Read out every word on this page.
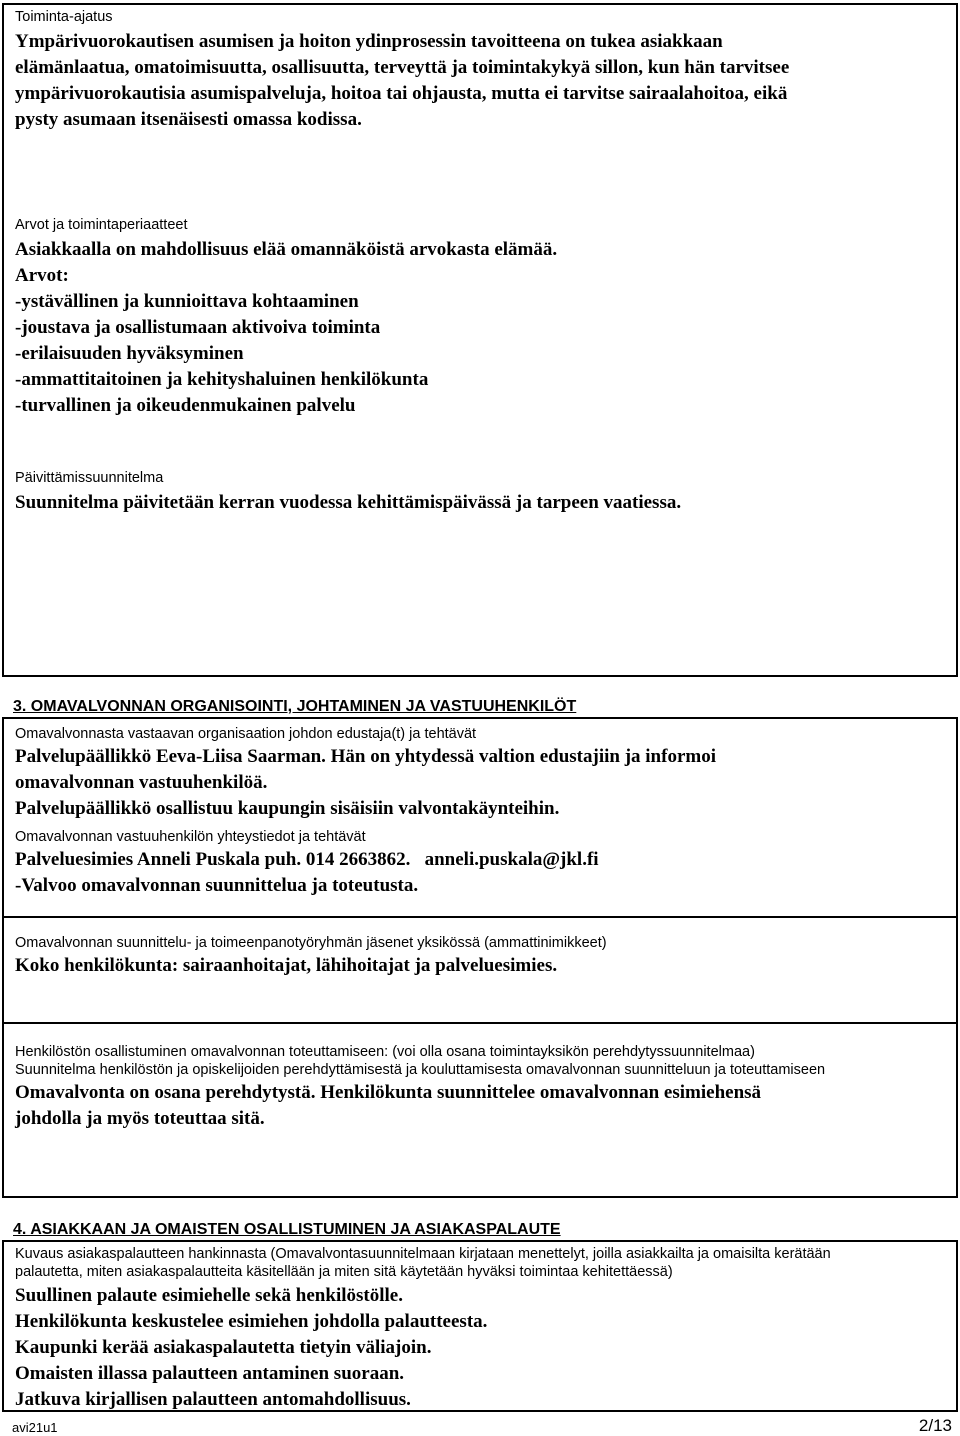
Toiminta-ajatus
Ympärivuorokautisen asumisen ja hoiton ydinprosessin tavoitteena on tukea asiakkaan
elämänlaatua, omatoimisuutta, osallisuutta, terveyttä ja toimintakykyä sillon, kun hän tarvitsee
ympärivuorokautisia asumispalveluja, hoitoa tai ohjausta, mutta ei tarvitse sairaalahoitoa, eikä
pysty asumaan itsenäisesti omassa kodissa.
Arvot ja toimintaperiaatteet
Asiakkaalla on mahdollisuus elää omannäköistä arvokasta elämää.
Arvot:
-ystävällinen ja kunnioittava kohtaaminen
-joustava ja osallistumaan aktivoiva toiminta
-erilaisuuden hyväksyminen
-ammattitaitoinen ja kehityshaluinen henkilökunta
-turvallinen ja oikeudenmukainen palvelu
Päivittämissuunnitelma
Suunnitelma päivitetään kerran vuodessa kehittämispäivässä ja tarpeen vaatiessa.
3. OMAVALVONNAN ORGANISOINTI, JOHTAMINEN JA VASTUUHENKILÖT
Omavalvonnasta vastaavan organisaation johdon edustaja(t) ja tehtävät
Palvelupäällikkö Eeva-Liisa Saarman. Hän on yhtydessä valtion edustajiin ja informoi
omavalvonnan vastuuhenkilöä.
Palvelupäällikkö osallistuu kaupungin sisäisiin valvontakäynteihin.
Omavalvonnan vastuuhenkilön yhteystiedot ja tehtävät
Palveluesimies Anneli Puskala puh. 014 2663862.   anneli.puskala@jkl.fi
-Valvoo omavalvonnan suunnittelua ja toteutusta.
Omavalvonnan suunnittelu- ja toimeenpanotyöryhmän jäsenet yksikössä (ammattinimikkeet)
Koko henkilökunta: sairaanhoitajat, lähihoitajat ja palveluesimies.
Henkilöstön osallistuminen omavalvonnan toteuttamiseen: (voi olla osana toimintayksikön perehdytyssuunnitelmaa)
Suunnitelma henkilöstön ja opiskelijoiden perehdyttämisestä ja kouluttamisesta omavalvonnan suunnitteluun ja toteuttamiseen
Omavalvonta on osana perehdytystä. Henkilökunta suunnittelee omavalvonnan esimiehensä
johdolla ja myös toteuttaa sitä.
4. ASIAKKAAN JA OMAISTEN OSALLISTUMINEN JA ASIAKASPALAUTE
Kuvaus asiakaspalautteen hankinnasta (Omavalvontasuunnitelmaan kirjataan menettelyt, joilla asiakkailta ja omaisilta kerätään
palautetta, miten asiakaspalautteita käsitellään ja miten sitä käytetään hyväksi toimintaa kehitettäessä)
Suullinen palaute esimiehelle sekä henkilöstölle.
Henkilökunta keskustelee esimiehen johdolla palautteesta.
Kaupunki kerää asiakaspalautetta tietyin väliajoin.
Omaisten illassa palautteen antaminen suoraan.
Jatkuva kirjallisen palautteen antomahdollisuus.
avi21u1	2/13
